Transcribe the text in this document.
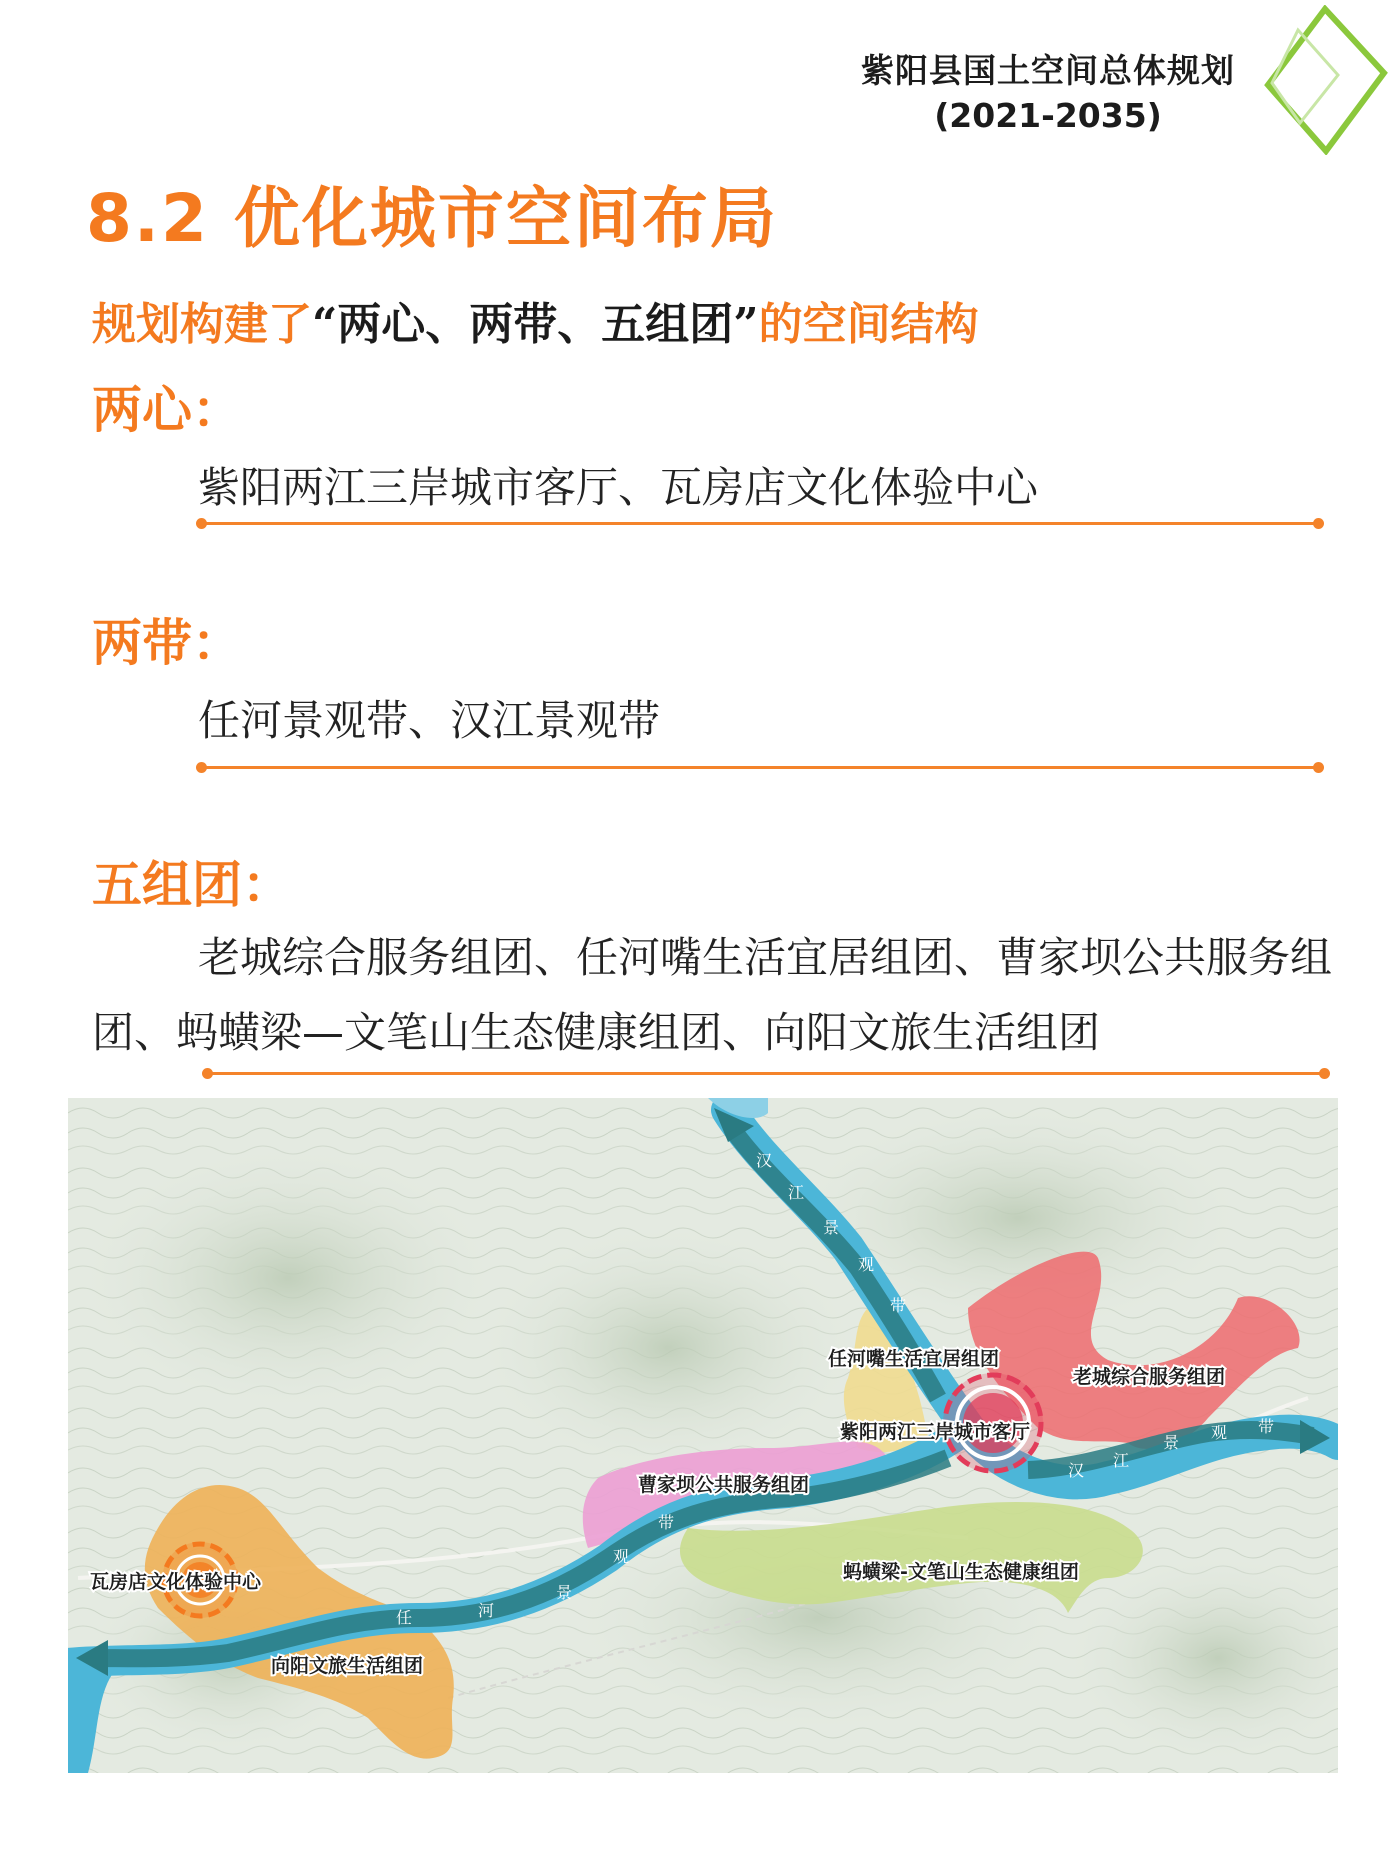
紫阳县国土空间总体规划
(2021-2035)
8.2 优化城市空间布局
规划构建了“两心、两带、五组团”的空间结构
两心：
紫阳两江三岸城市客厅、瓦房店文化体验中心
两带：
任河景观带、汉江景观带
五组团：
老城综合服务组团、任河嘴生活宜居组团、曹家坝公共服务组团、蚂蟥梁—文笔山生态健康组团、向阳文旅生活组团
汉
江
景
观
带
汉
江
景
观 带
任	河
景
观
带
老城综合服务组团
任河嘴生活宜居组团
曹家坝公共服务组团
紫阳两江三岸城市客厅
蚂蟥梁-文笔山生态健康组团
瓦房店文化体验中心
向阳文旅生活组团
